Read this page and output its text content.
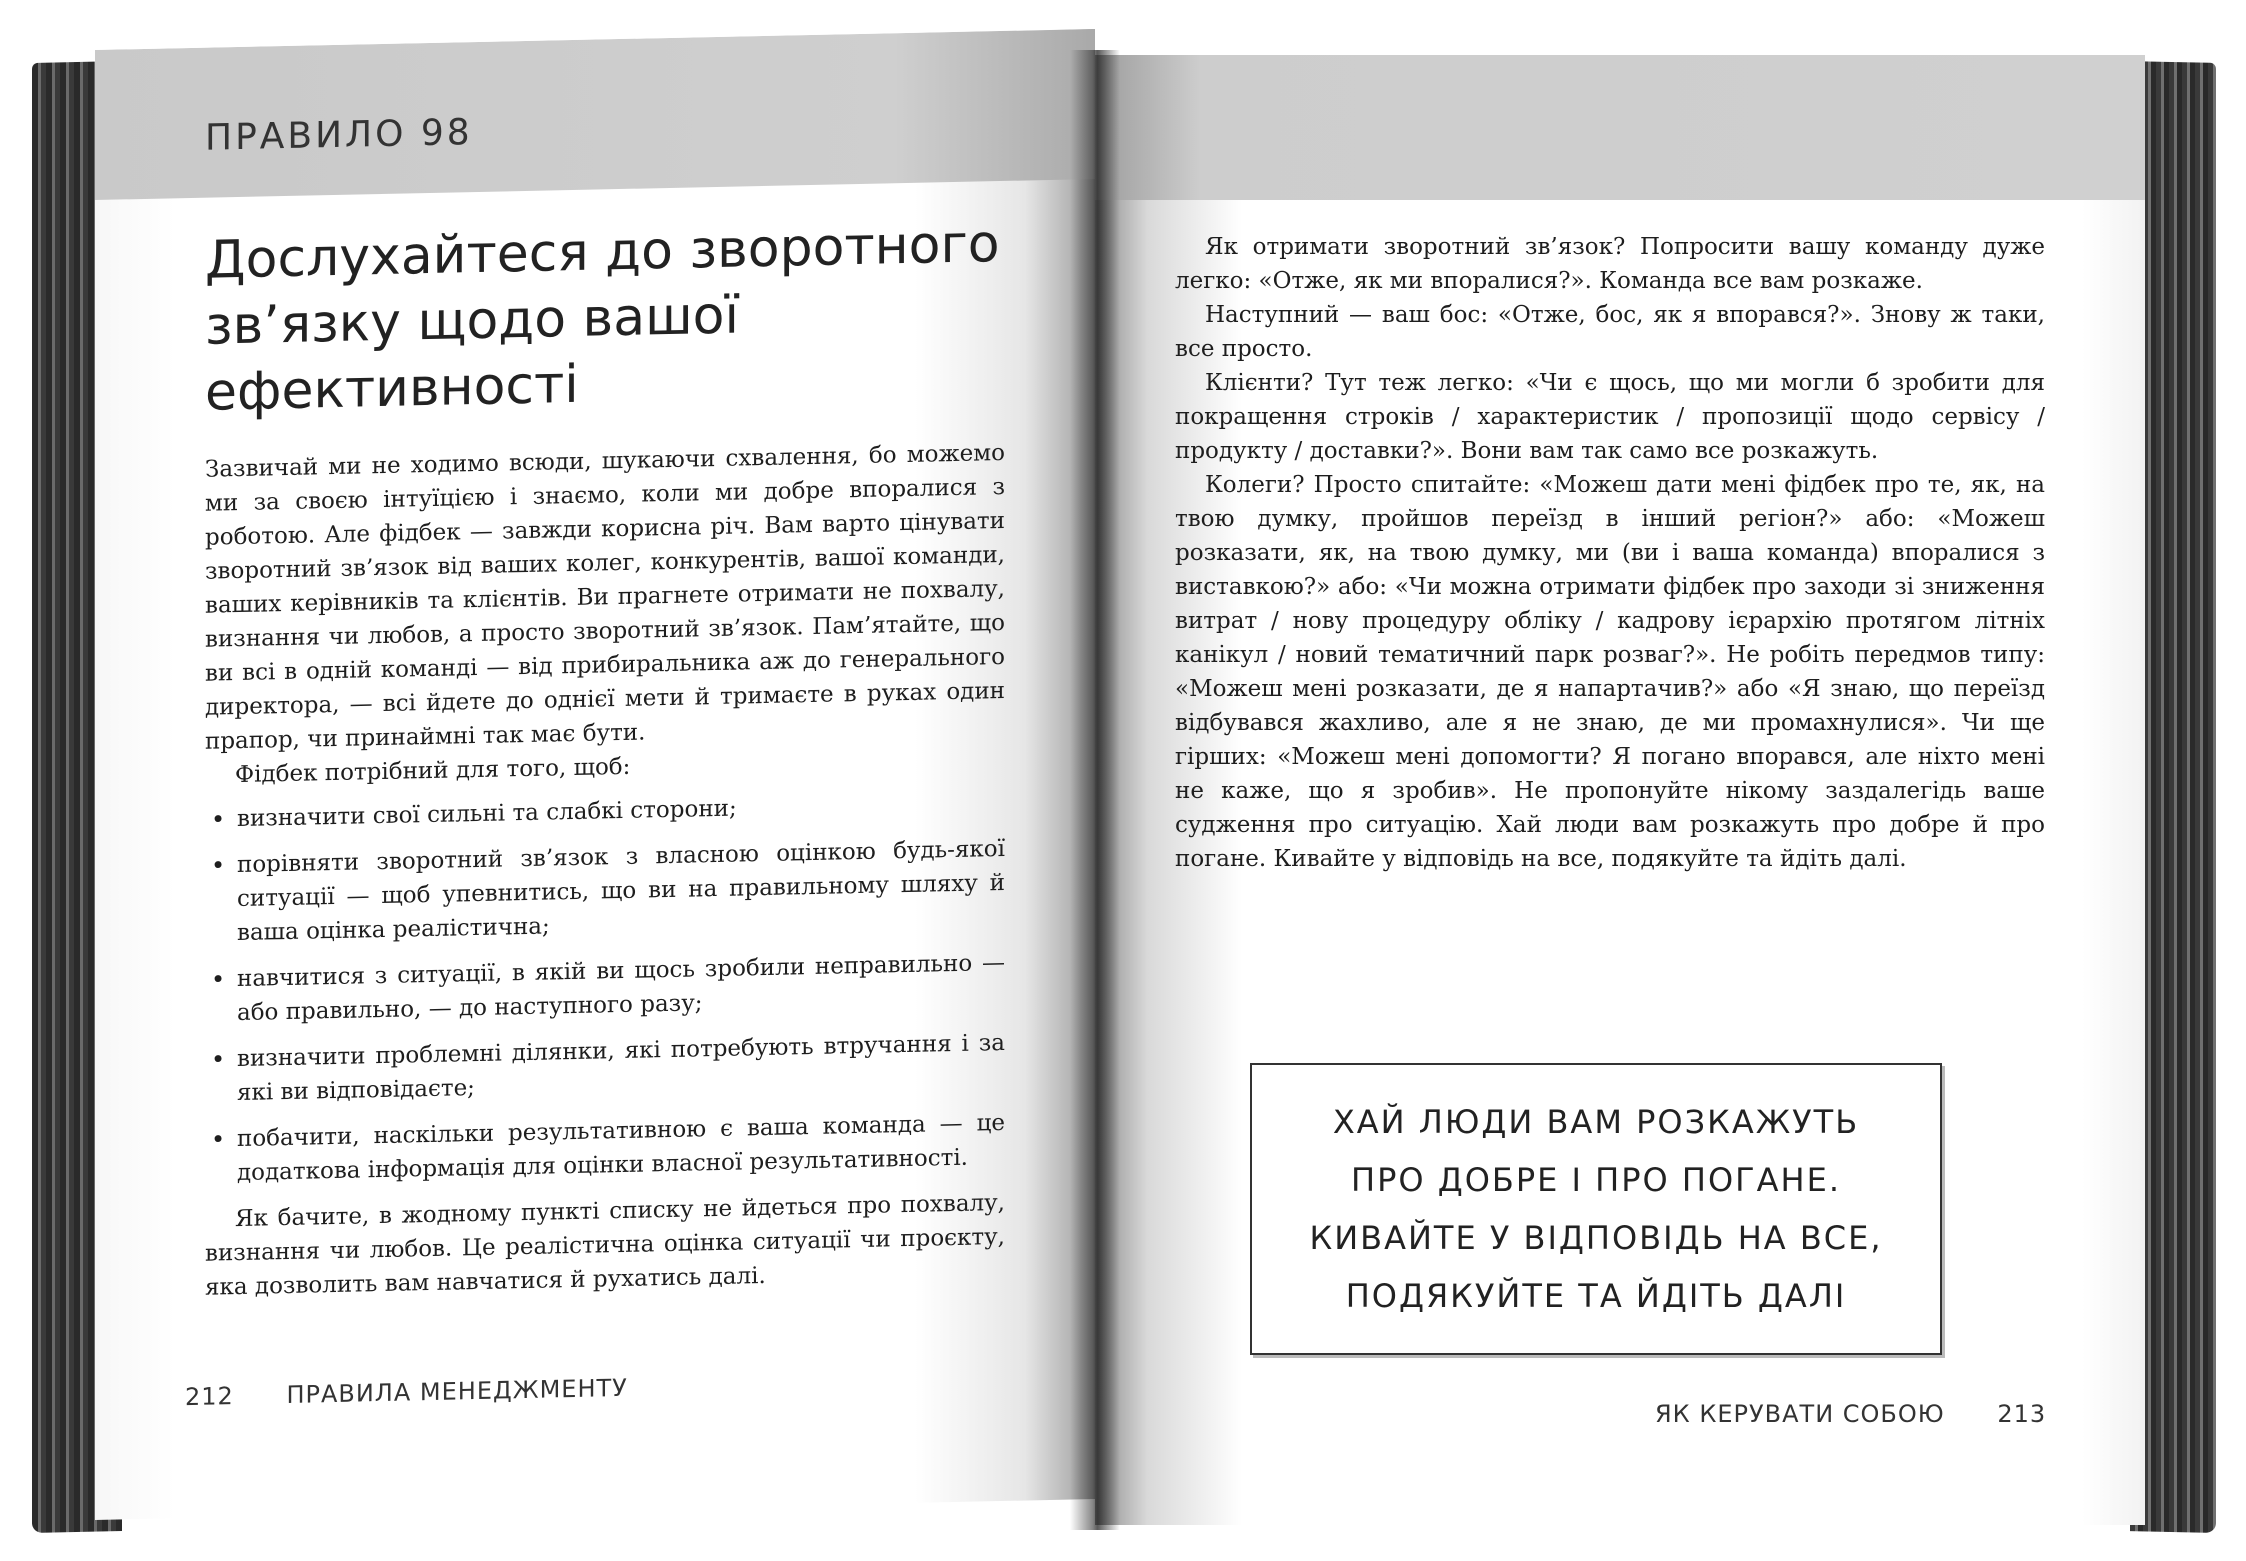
ПРАВИЛО 98
Дослухайтеся до зворотного
зв’язку щодо вашої
ефективності

Зазвичай ми не ходимо всюди, шукаючи схвалення, бо можемо ми за своєю інтуїцією і знаємо, коли ми добре впоралися з роботою. Але фідбек — завжди корисна річ. Вам варто цінувати зворотний зв’язок від ваших колег, конкурентів, вашої команди, ваших керівників та клієнтів. Ви прагнете отримати не похвалу, визнання чи любов, а просто зворотний зв’язок. Пам’ятайте, що ви всі в одній команді — від прибиральника аж до генерального директора, — всі йдете до однієї мети й тримаєте в руках один прапор, чи принаймні так має бути.

Фідбек потрібний для того, щоб:

• визначити свої сильні та слабкі сторони;
• порівняти зворотний зв’язок з власною оцінкою будь-якої ситуації — щоб упевнитись, що ви на правильному шляху й ваша оцінка реалістична;
• навчитися з ситуації, в якій ви щось зробили неправильно — або правильно, — до наступного разу;
• визначити проблемні ділянки, які потребують втручання і за які ви відповідаєте;
• побачити, наскільки результативною є ваша команда — це додаткова інформація для оцінки власної результативності.

Як бачите, в жодному пункті списку не йдеться про похвалу, визнання чи любов. Це реалістична оцінка ситуації чи проєкту, яка дозволить вам навчатися й рухатись далі.

212 ПРАВИЛА МЕНЕДЖМЕНТУ

Як отримати зворотний зв’язок? Попросити вашу команду дуже легко: «Отже, як ми впоралися?». Команда все вам розкаже.

Наступний — ваш бос: «Отже, бос, як я впорався?». Знову ж таки, все просто.

Клієнти? Тут теж легко: «Чи є щось, що ми могли б зробити для покращення строків / характеристик / пропозиції щодо сервісу / продукту / доставки?». Вони вам так само все розкажуть.

Колеги? Просто спитайте: «Можеш дати мені фідбек про те, як, на твою думку, пройшов переїзд в інший регіон?» або: «Можеш розказати, як, на твою думку, ми (ви і ваша команда) впоралися з виставкою?» або: «Чи можна отримати фідбек про заходи зі зниження витрат / нову процедуру обліку / кадрову ієрархію протягом літніх канікул / новий тематичний парк розваг?». Не робіть передмов типу: «Можеш мені розказати, де я напартачив?» або «Я знаю, що переїзд відбувався жахливо, але я не знаю, де ми промахнулися». Чи ще гірших: «Можеш мені допомогти? Я погано впорався, але ніхто мені не каже, що я зробив». Не пропонуйте нікому заздалегідь ваше судження про ситуацію. Хай люди вам розкажуть про добре й про погане. Кивайте у відповідь на все, подякуйте та йдіть далі.

ХАЙ ЛЮДИ ВАМ РОЗКАЖУТЬ
ПРО ДОБРЕ І ПРО ПОГАНЕ.
КИВАЙТЕ У ВІДПОВІДЬ НА ВСЕ,
ПОДЯКУЙТЕ ТА ЙДІТЬ ДАЛІ
ЯК КЕРУВАТИ СОБОЮ 213
